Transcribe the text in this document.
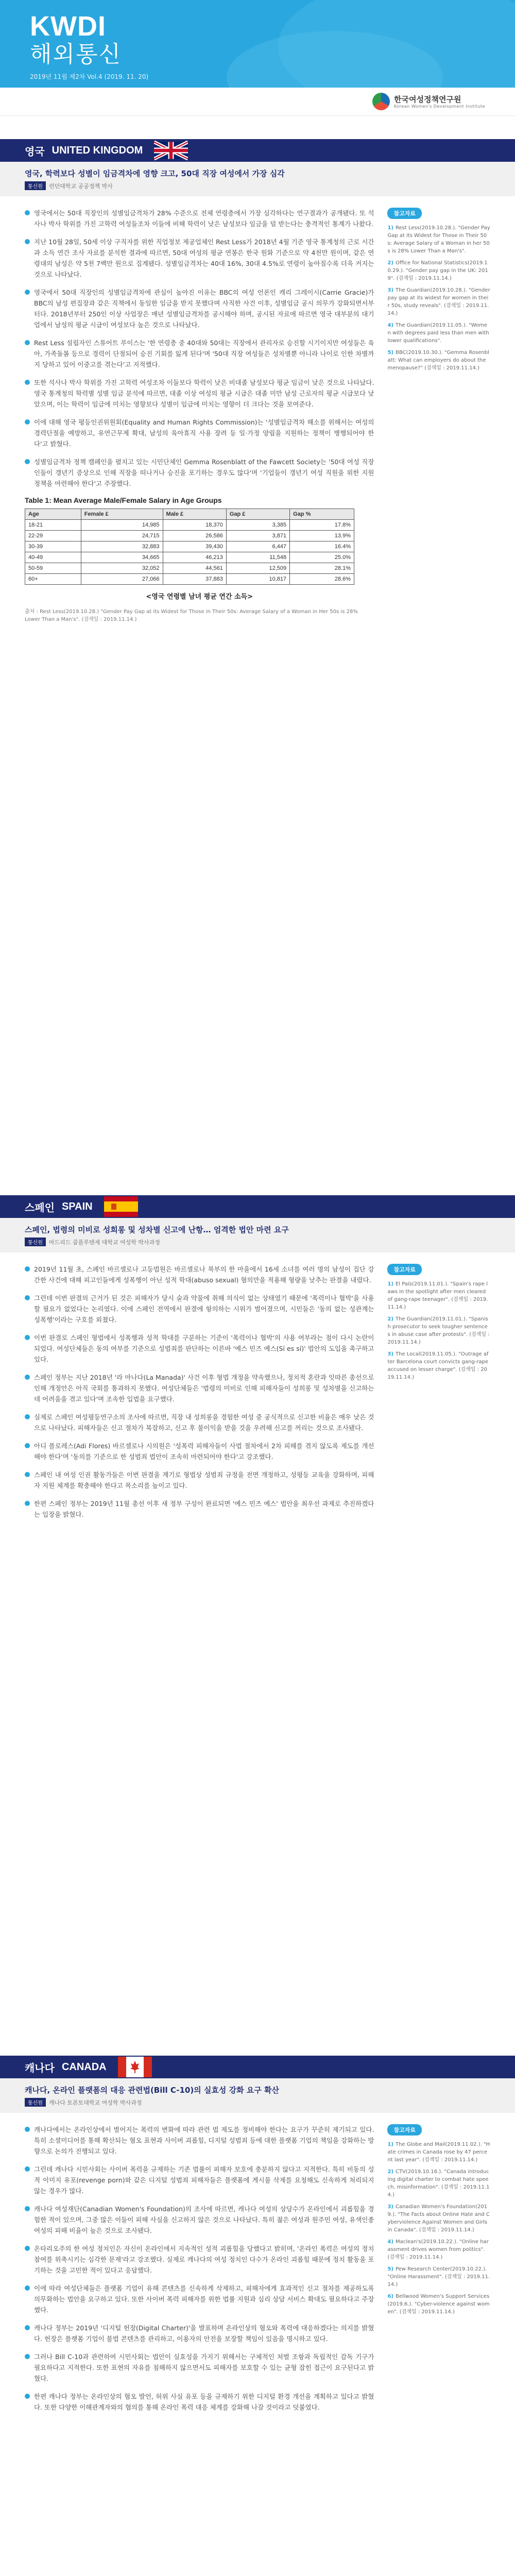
KWDI
해외통신
2019년 11월 제2차 Vol.4 (2019. 11. 20)
한국여성정책연구원
Korean Women's Development Institute
영국 UNITED KINGDOM
영국, 학력보다 성별이 임금격차에 영향 크고, 50대 직장 여성에서 가장 심각
통신원 런던대학교 공공정책 박사

영국에서는 50대 직장인의 성별임금격차가 28% 수준으로 전체 연령층에서 가장 심각하다는 연구결과가 공개됐다. 또 석사나 박사 학위를 가진 고학력 여성들조차 이들에 비해 학력이 낮은 남성보다 임금을 덜 받는다는 충격적인 통계가 나왔다.

지난 10월 28일, 50세 이상 구직자를 위한 직업정보 제공업체인 Rest Less가 2018년 4월 기준 영국 통계청의 근로 시간과 소득 연간 조사 자료를 분석한 결과에 따르면, 50대 여성의 평균 연봉은 한국 원화 기준으로 약 4천만 원이며, 같은 연령대의 남성은 약 5천 7백만 원으로 집계됐다. 성별임금격차는 40대 16%, 30대 4.5%로 연령이 높아질수록 더욱 커지는 것으로 나타났다.

영국에서 50대 직장인의 성별임금격차에 관심이 높아진 이유는 BBC의 여성 언론인 캐리 그레이시(Carrie Gracie)가 BBC의 남성 편집장과 같은 직책에서 동일한 임금을 받지 못했다며 사직한 사건 이후, 성별임금 공시 의무가 강화되면서부터다. 2018년부터 250인 이상 사업장은 매년 성별임금격차를 공시해야 하며, 공시된 자료에 따르면 영국 대부분의 대기업에서 남성의 평균 시급이 여성보다 높은 것으로 나타났다.

Rest Less 설립자인 스튜어트 루이스는 '한 연령층 중 40대와 50대는 직장에서 관리자로 승진할 시기이지만 여성들은 육아, 가족돌봄 등으로 경력이 단절되어 승진 기회를 잃게 된다'며 '50대 직장 여성들은 성차별뿐 아니라 나이로 인한 차별까지 당하고 있어 이중고를 겪는다'고 지적했다.

또한 석사나 박사 학위를 가진 고학력 여성조차 이들보다 학력이 낮은 비대졸 남성보다 평균 임금이 낮은 것으로 나타났다. 영국 통계청의 학력별 성별 임금 분석에 따르면, 대졸 이상 여성의 평균 시급은 대졸 미만 남성 근로자의 평균 시급보다 낮았으며, 이는 학력이 임금에 미치는 영향보다 성별이 임금에 미치는 영향이 더 크다는 것을 보여준다.

이에 대해 영국 평등인권위원회(Equality and Human Rights Commission)는 '성별임금격차 해소를 위해서는 여성의 경력단절을 예방하고, 유연근무제 확대, 남성의 육아휴직 사용 장려 등 일·가정 양립을 지원하는 정책이 병행되어야 한다'고 밝혔다.

성별임금격차 정책 캠페인을 펼치고 있는 시민단체인 Gemma Rosenblatt of the Fawcett Society는 '50대 여성 직장인들이 갱년기 증상으로 인해 직장을 떠나거나 승진을 포기하는 경우도 많다'며 '기업들이 갱년기 여성 직원을 위한 지원 정책을 마련해야 한다'고 주장했다.

Table 1: Mean Average Male/Female Salary in Age Groups
Age	Female £	Male £	Gap £	Gap %
18-21	14,985	18,370	3,385	17.8%
22-29	24,715	26,586	3,871	13.9%
30-39	32,883	39,430	6,447	16.4%
40-49	34,665	46,213	11,548	25.0%
50-59	32,052	44,561	12,509	28.1%
60+	27,066	37,883	10,817	28.6%
<영국 연령별 남녀 평균 연간 소득>
출처 : Rest Less(2019.10.28.) "Gender Pay Gap at its Widest for Those in Their 50s: Average Salary of a Woman in Her 50s is 28% Lower Than a Man's". (검색일 : 2019.11.14.)
참고자료
1) Rest Less(2019.10.28.). "Gender Pay Gap at its Widest for Those in Their 50s: Average Salary of a Woman in her 50s is 28% Lower Than a Man's".
2) Office for National Statistics(2019.10.29.). "Gender pay gap in the UK: 2019". (검색일 : 2019.11.14.)
3) The Guardian(2019.10.28.). "Gender pay gap at its widest for women in their 50s, study reveals". (검색일 : 2019.11.14.)
4) The Guardian(2019.11.05.). "Women with degrees paid less than men with lower qualifications".
5) BBC(2019.10.30.). "Gemma Rosenblatt: What can employers do about the menopause?" (검색일 : 2019.11.14.)
스페인 SPAIN
스페인, 법령의 미비로 성희롱 및 성차별 신고에 난항… 엄격한 법안 마련 요구
통신원 마드리드 콤플루텐세 대학교 여성학 박사과정

2019년 11월 초, 스페인 바르셀로나 고등법원은 바르셀로나 북부의 한 마을에서 16세 소녀를 여러 명의 남성이 집단 강간한 사건에 대해 피고인들에게 성폭행이 아닌 성적 학대(abuso sexual) 혐의만을 적용해 형량을 낮추는 판결을 내렸다.

그런데 이번 판결의 근거가 된 것은 피해자가 당시 술과 약물에 취해 의식이 없는 상태였기 때문에 '폭력이나 협박'을 사용할 필요가 없었다는 논리였다. 이에 스페인 전역에서 판결에 항의하는 시위가 벌어졌으며, 시민들은 '동의 없는 성관계는 성폭행'이라는 구호를 외쳤다.

이번 판결로 스페인 형법에서 성폭행과 성적 학대를 구분하는 기준이 '폭력이나 협박'의 사용 여부라는 점이 다시 논란이 되었다. 여성단체들은 동의 여부를 기준으로 성범죄를 판단하는 이른바 '예스 민즈 예스(Sí es sí)' 법안의 도입을 촉구하고 있다.

스페인 정부는 지난 2018년 '라 마나다(La Manada)' 사건 이후 형법 개정을 약속했으나, 정치적 혼란과 잇따른 총선으로 인해 개정안은 아직 국회를 통과하지 못했다. 여성단체들은 '법령의 미비로 인해 피해자들이 성희롱 및 성차별을 신고하는 데 어려움을 겪고 있다'며 조속한 입법을 요구했다.

실제로 스페인 여성평등연구소의 조사에 따르면, 직장 내 성희롱을 경험한 여성 중 공식적으로 신고한 비율은 매우 낮은 것으로 나타났다. 피해자들은 신고 절차가 복잡하고, 신고 후 불이익을 받을 것을 우려해 신고를 꺼리는 것으로 조사됐다.

아디 플로레스(Adi Flores) 바르셀로나 시의원은 '성폭력 피해자들이 사법 절차에서 2차 피해를 겪지 않도록 제도를 개선해야 한다'며 '동의를 기준으로 한 성범죄 법안이 조속히 마련되어야 한다'고 강조했다.

스페인 내 여성 인권 활동가들은 이번 판결을 계기로 형법상 성범죄 규정을 전면 개정하고, 성평등 교육을 강화하며, 피해자 지원 체계를 확충해야 한다고 목소리를 높이고 있다.

한편 스페인 정부는 2019년 11월 총선 이후 새 정부 구성이 완료되면 '예스 민즈 예스' 법안을 최우선 과제로 추진하겠다는 입장을 밝혔다.

참고자료
1) El País(2019.11.01.). "Spain's rape laws in the spotlight after men cleared of gang-rape teenager". (검색일 : 2019.11.14.)
2) The Guardian(2019.11.01.). "Spanish prosecutor to seek tougher sentences in abuse case after protests". (검색일 : 2019.11.14.)
3) The Local(2019.11.05.). "Outrage after Barcelona court convicts gang-rape accused on lesser charge". (검색일 : 2019.11.14.)
캐나다 CANADA
캐나다, 온라인 플랫폼의 대응 관련법(Bill C-10)의 실효성 강화 요구 확산
통신원 캐나다 토론토대학교 여성학 박사과정

캐나다에서는 온라인상에서 벌어지는 폭력의 변화에 따라 관련 법 제도를 정비해야 한다는 요구가 꾸준히 제기되고 있다. 특히 소셜미디어를 통해 확산되는 혐오 표현과 사이버 괴롭힘, 디지털 성범죄 등에 대한 플랫폼 기업의 책임을 강화하는 방향으로 논의가 진행되고 있다.

그런데 캐나다 시민사회는 사이버 폭력을 규제하는 기존 법률이 피해자 보호에 충분하지 않다고 지적한다. 특히 비동의 성적 이미지 유포(revenge porn)와 같은 디지털 성범죄 피해자들은 플랫폼에 게시물 삭제를 요청해도 신속하게 처리되지 않는 경우가 많다.

캐나다 여성재단(Canadian Women's Foundation)의 조사에 따르면, 캐나다 여성의 상당수가 온라인에서 괴롭힘을 경험한 적이 있으며, 그중 많은 이들이 피해 사실을 신고하지 않은 것으로 나타났다. 특히 젊은 여성과 원주민 여성, 유색인종 여성의 피해 비율이 높은 것으로 조사됐다.

온타리오주의 한 여성 정치인은 자신이 온라인에서 지속적인 성적 괴롭힘을 당했다고 밝히며, '온라인 폭력은 여성의 정치 참여를 위축시키는 심각한 문제'라고 강조했다. 실제로 캐나다의 여성 정치인 다수가 온라인 괴롭힘 때문에 정치 활동을 포기하는 것을 고민한 적이 있다고 응답했다.

이에 따라 여성단체들은 플랫폼 기업이 유해 콘텐츠를 신속하게 삭제하고, 피해자에게 효과적인 신고 절차를 제공하도록 의무화하는 법안을 요구하고 있다. 또한 사이버 폭력 피해자를 위한 법률 지원과 심리 상담 서비스 확대도 필요하다고 주장했다.

캐나다 정부는 2019년 '디지털 헌장(Digital Charter)'을 발표하며 온라인상의 혐오와 폭력에 대응하겠다는 의지를 밝혔다. 헌장은 플랫폼 기업이 불법 콘텐츠를 관리하고, 이용자의 안전을 보장할 책임이 있음을 명시하고 있다.

그러나 Bill C-10과 관련하여 시민사회는 법안이 실효성을 가지기 위해서는 구체적인 처벌 조항과 독립적인 감독 기구가 필요하다고 지적한다. 또한 표현의 자유를 침해하지 않으면서도 피해자를 보호할 수 있는 균형 잡힌 접근이 요구된다고 밝혔다.

한편 캐나다 정부는 온라인상의 혐오 발언, 허위 사실 유포 등을 규제하기 위한 디지털 환경 개선을 계획하고 있다고 밝혔다. 또한 다양한 이해관계자와의 협의를 통해 온라인 폭력 대응 체계를 강화해 나갈 것이라고 덧붙였다.

참고자료
1) The Globe and Mail(2019.11.02.). "Hate crimes in Canada rose by 47 percent last year". (검색일 : 2019.11.14.)
2) CTV(2019.10.16.). "Canada introducing digital charter to combat hate speech, misinformation". (검색일 : 2019.11.14.)
3) Canadian Women's Foundation(2019.). "The Facts about Online Hate and Cyberviolence Against Women and Girls in Canada". (검색일 : 2019.11.14.)
4) Maclean's(2019.10.22.). "Online harassment drives women from politics". (검색일 : 2019.11.14.)
5) Pew Research Center(2019.10.22.). "Online Harassment". (검색일 : 2019.11.14.)
6) Bellwood Women's Support Services(2019.6.). "Cyber-violence against women". (검색일 : 2019.11.14.)
